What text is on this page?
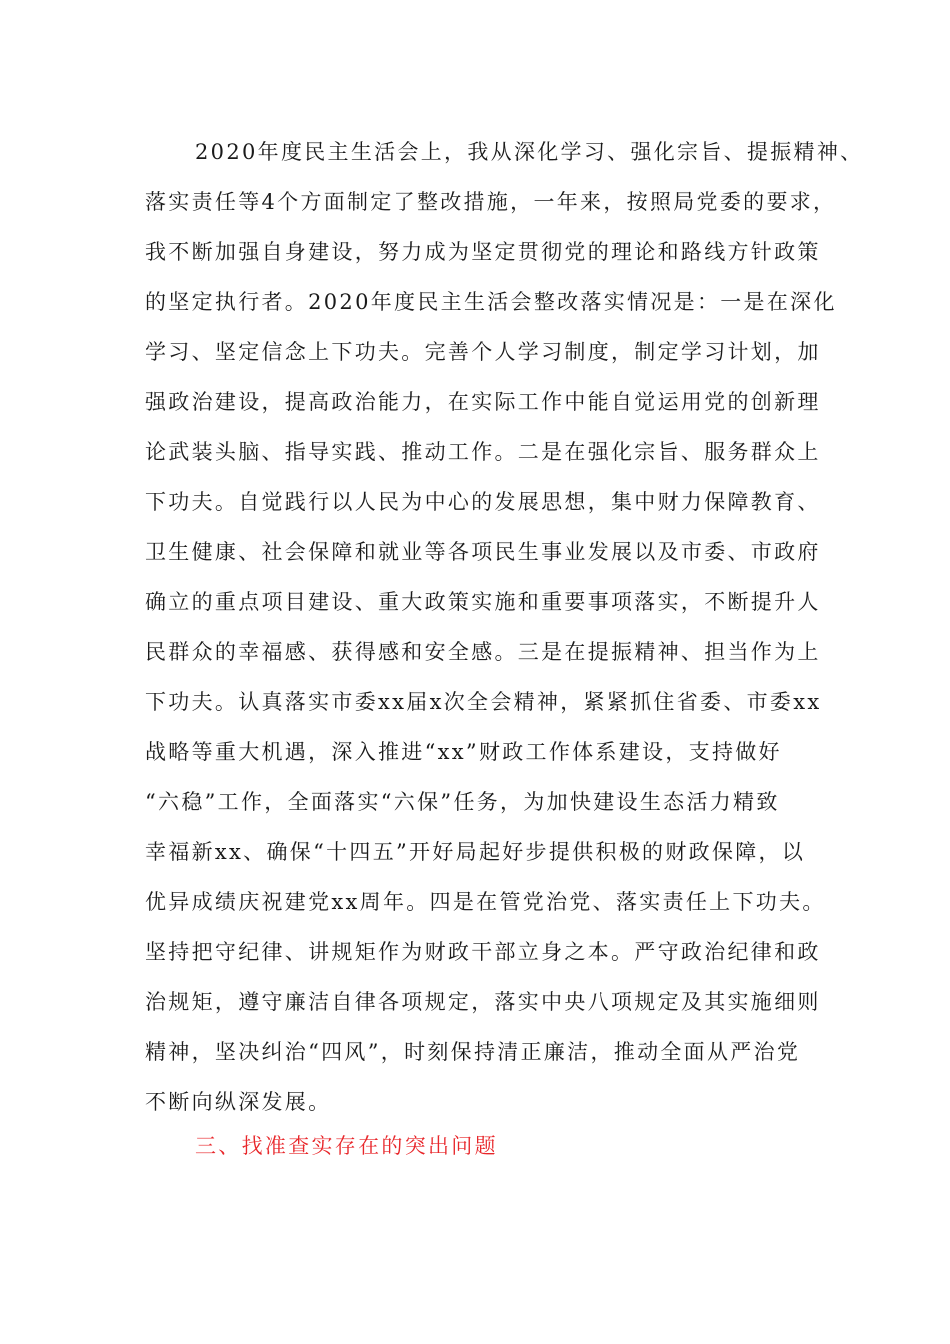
2020年度民主生活会上，我从深化学习、强化宗旨、提振精神、
落实责任等4个方面制定了整改措施，一年来，按照局党委的要求，
我不断加强自身建设，努力成为坚定贯彻党的理论和路线方针政策
的坚定执行者。2020年度民主生活会整改落实情况是：一是在深化
学习、坚定信念上下功夫。完善个人学习制度，制定学习计划，加
强政治建设，提高政治能力，在实际工作中能自觉运用党的创新理
论武装头脑、指导实践、推动工作。二是在强化宗旨、服务群众上
下功夫。自觉践行以人民为中心的发展思想，集中财力保障教育、
卫生健康、社会保障和就业等各项民生事业发展以及市委、市政府
确立的重点项目建设、重大政策实施和重要事项落实，不断提升人
民群众的幸福感、获得感和安全感。三是在提振精神、担当作为上
下功夫。认真落实市委xx届x次全会精神，紧紧抓住省委、市委xx
战略等重大机遇，深入推进“xx”财政工作体系建设，支持做好
“六稳”工作，全面落实“六保”任务，为加快建设生态活力精致
幸福新xx、确保“十四五”开好局起好步提供积极的财政保障，以
优异成绩庆祝建党xx周年。四是在管党治党、落实责任上下功夫。
坚持把守纪律、讲规矩作为财政干部立身之本。严守政治纪律和政
治规矩，遵守廉洁自律各项规定，落实中央八项规定及其实施细则
精神，坚决纠治“四风”，时刻保持清正廉洁，推动全面从严治党
不断向纵深发展。
三、找准查实存在的突出问题
